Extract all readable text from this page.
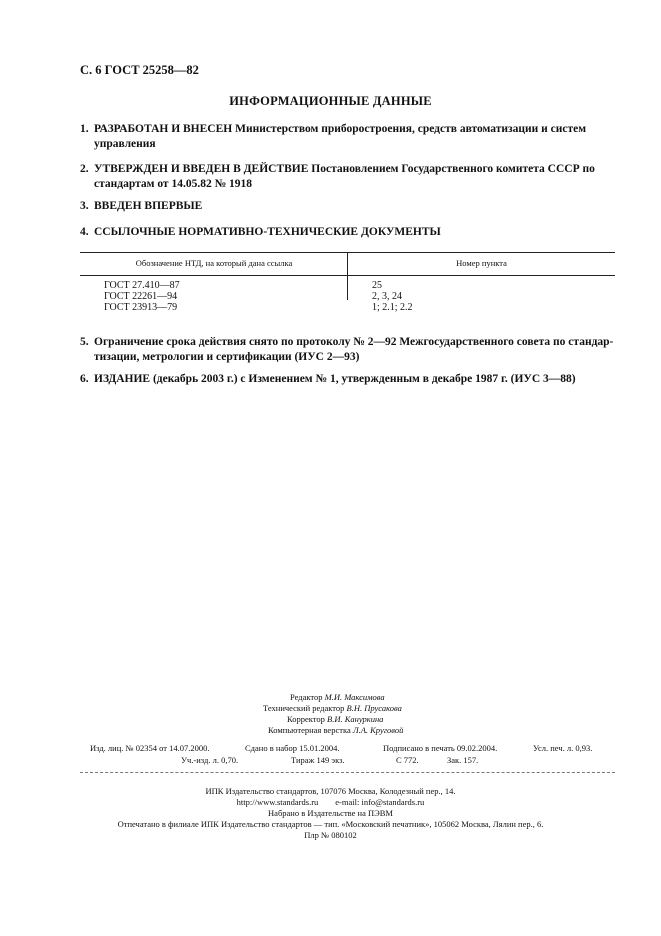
С. 6 ГОСТ 25258—82
ИНФОРМАЦИОННЫЕ ДАННЫЕ
1. РАЗРАБОТАН И ВНЕСЕН Министерством приборостроения, средств автоматизации и систем
управления
2. УТВЕРЖДЕН И ВВЕДЕН В ДЕЙСТВИЕ Постановлением Государственного комитета СССР по
стандартам от 14.05.82 № 1918
3. ВВЕДЕН ВПЕРВЫЕ
4. ССЫЛОЧНЫЕ НОРМАТИВНО-ТЕХНИЧЕСКИЕ ДОКУМЕНТЫ
Обозначение НТД, на который дана ссылка	Номер пункта
ГОСТ 27.410—87	25
ГОСТ 22261—94	2, 3, 24
ГОСТ 23913—79	1; 2.1; 2.2
5. Ограничение срока действия снято по протоколу № 2—92 Межгосударственного совета по стандар-
тизации, метрологии и сертификации (ИУС 2—93)
6. ИЗДАНИЕ (декабрь 2003 г.) с Изменением № 1, утвержденным в декабре 1987 г. (ИУС 3—88)
Редактор М.И. Максимова
Технический редактор В.Н. Прусакова
Корректор В.И. Кануркина
Компьютерная верстка Л.А. Круговой
Изд. лиц. № 02354 от 14.07.2000.	Сдано в набор 15.01.2004.	Подписано в печать 09.02.2004.	Усл. печ. л. 0,93.
Уч.-изд. л. 0,70.	Тираж 149 экз.	С 772.	Зак. 157.
ИПК Издательство стандартов, 107076 Москва, Колодезный пер., 14.
http://www.standards.ru        e-mail: info@standards.ru
Набрано в Издательстве на ПЭВМ
Отпечатано в филиале ИПК Издательство стандартов — тип. «Московский печатник», 105062 Москва, Лялин пер., 6.
Плр № 080102
